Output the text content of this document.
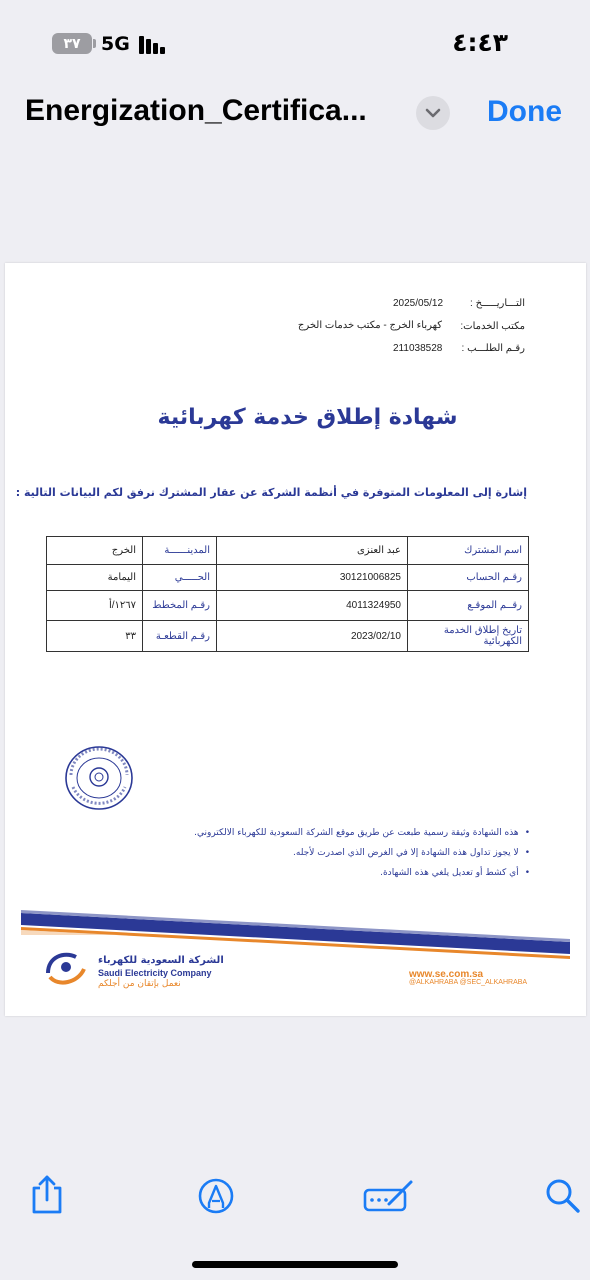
٣٧ 5G	٤:٤٣
Energization_Certifica...	Done
التـــاريـــــخ :
2025/05/12
مكتب الخدمات:
كهرباء الخرج - مكتب خدمات الخرج
رقـم الطلـــب :
211038528
شهادة إطلاق خدمة كهربائية
إشارة إلى المعلومات المتوفرة في أنظمة الشركة عن عقار المشترك نرفق لكم البيانات التالية :
الخرج	المدينــــــة	عبد العنزى	اسم المشترك
اليمامة	الحـــــي	30121006825	رقـم الحساب
١٢٦٧/أ	رقـم المخطط	4011324950	رقــم الموقـع
٣٣	رقـم القطعـة	2023/02/10	تاريخ إطلاق الخدمة الكهربائية
•هذه الشهادة وثيقة رسمية طبعت عن طريق موقع الشركة السعودية للكهرباء الالكتروني.
•لا يجوز تداول هذه الشهادة إلا في الغرض الذي اصدرت لأجله.
•أي كشط أو تعديل يلغي هذه الشهادة.
الشركة السعودية للكهرباء
Saudi Electricity Company
نعمل بإتقان من أجلكم
www.se.com.sa
@ALKAHRABA @SEC_ALKAHRABA
